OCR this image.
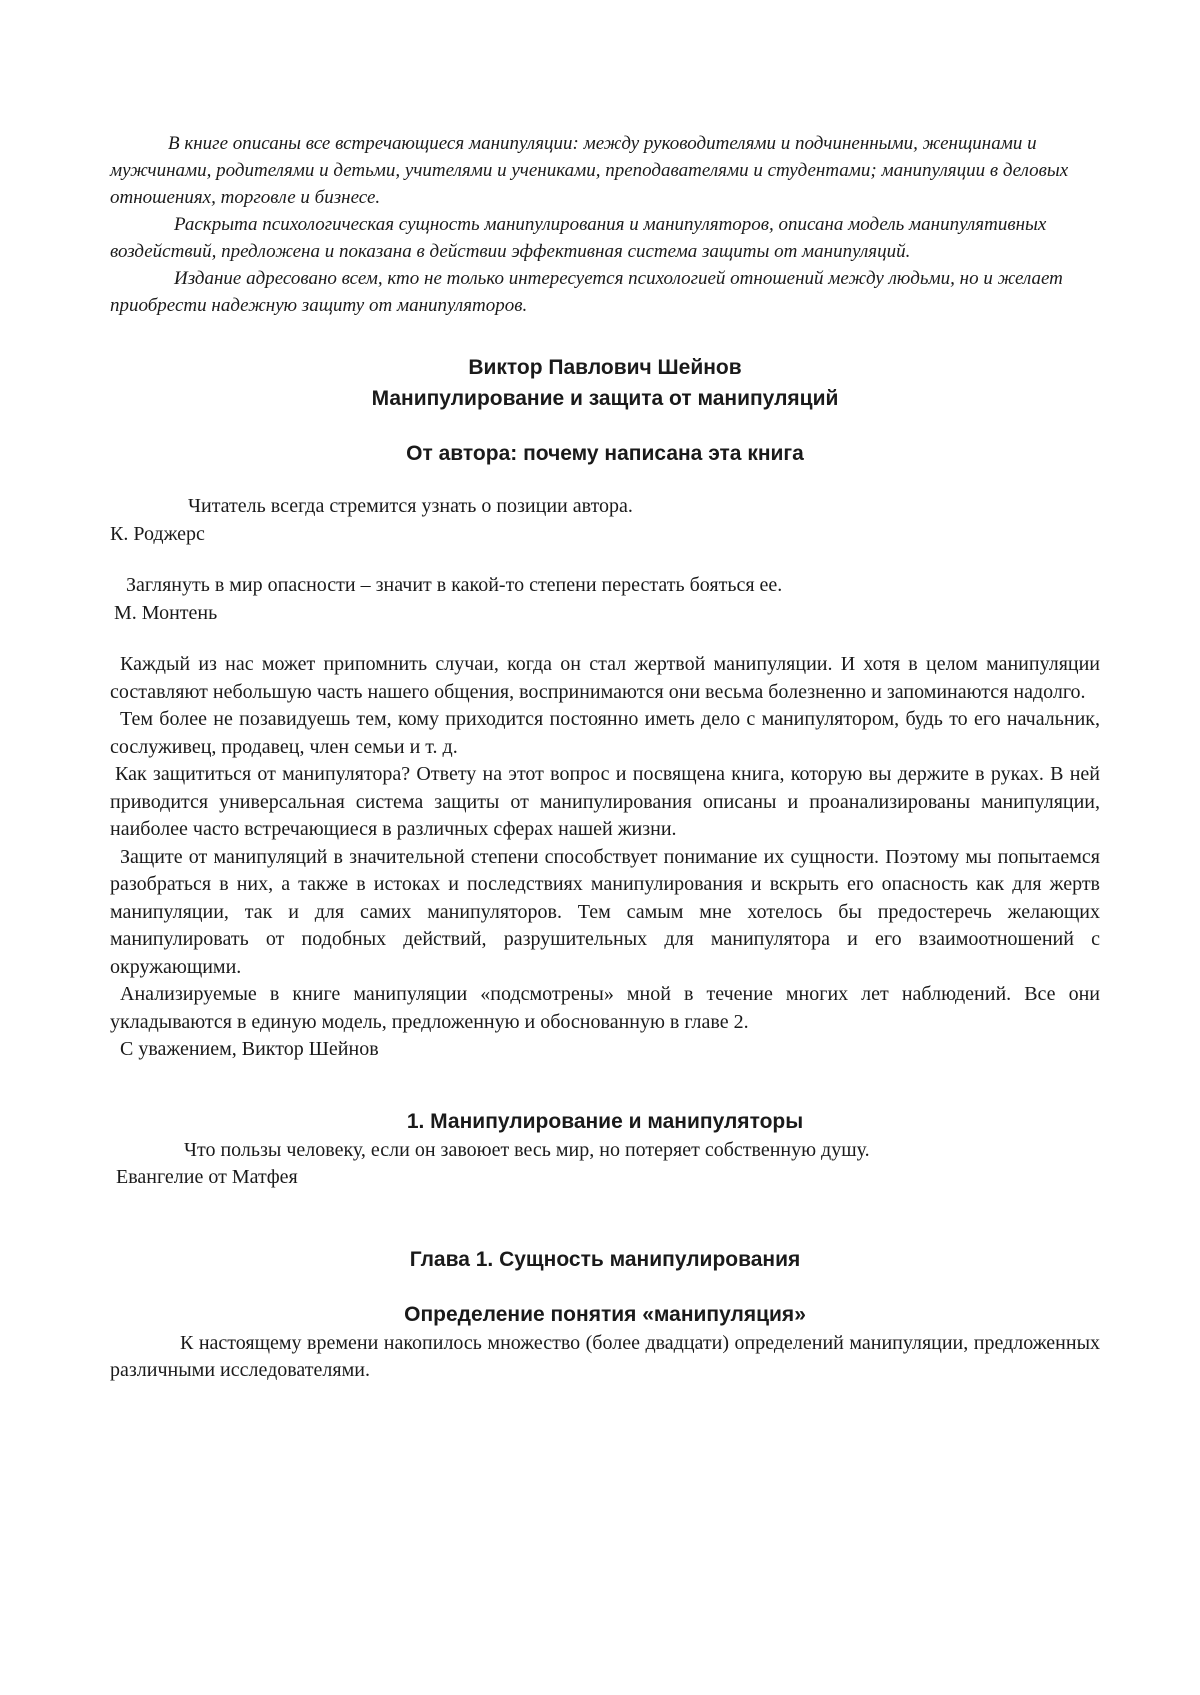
В книге описаны все встречающиеся манипуляции: между руководителями и подчиненными, женщинами и мужчинами, родителями и детьми, учителями и учениками, преподавателями и студентами; манипуляции в деловых отношениях, торговле и бизнесе.

Раскрыта психологическая сущность манипулирования и манипуляторов, описана модель манипулятивных воздействий, предложена и показана в действии эффективная система защиты от манипуляций.

Издание адресовано всем, кто не только интересуется психологией отношений между людьми, но и желает приобрести надежную защиту от манипуляторов.

Виктор Павлович Шейнов

Манипулирование и защита от манипуляций

От автора: почему написана эта книга

Читатель всегда стремится узнать о позиции автора.

К. Роджерс

Заглянуть в мир опасности – значит в какой-то степени перестать бояться ее.

М. Монтень

Каждый из нас может припомнить случаи, когда он стал жертвой манипуляции. И хотя в целом манипуляции составляют небольшую часть нашего общения, воспринимаются они весьма болезненно и запоминаются надолго.

Тем более не позавидуешь тем, кому приходится постоянно иметь дело с манипулятором, будь то его начальник, сослуживец, продавец, член семьи и т. д.

Как защититься от манипулятора? Ответу на этот вопрос и посвящена книга, которую вы держите в руках. В ней приводится универсальная система защиты от манипулирования описаны и проанализированы манипуляции, наиболее часто встречающиеся в различных сферах нашей жизни.

Защите от манипуляций в значительной степени способствует понимание их сущности. Поэтому мы попытаемся разобраться в них, а также в истоках и последствиях манипулирования и вскрыть его опасность как для жертв манипуляции, так и для самих манипуляторов. Тем самым мне хотелось бы предостеречь желающих манипулировать от подобных действий, разрушительных для манипулятора и его взаимоотношений с окружающими.

Анализируемые в книге манипуляции «подсмотрены» мной в течение многих лет наблюдений. Все они укладываются в единую модель, предложенную и обоснованную в главе 2.

С уважением, Виктор Шейнов

1. Манипулирование и манипуляторы

Что пользы человеку, если он завоюет весь мир, но потеряет собственную душу.

Евангелие от Матфея

Глава 1. Сущность манипулирования

Определение понятия «манипуляция»

К настоящему времени накопилось множество (более двадцати) определений манипуляции, предложенных различными исследователями.
